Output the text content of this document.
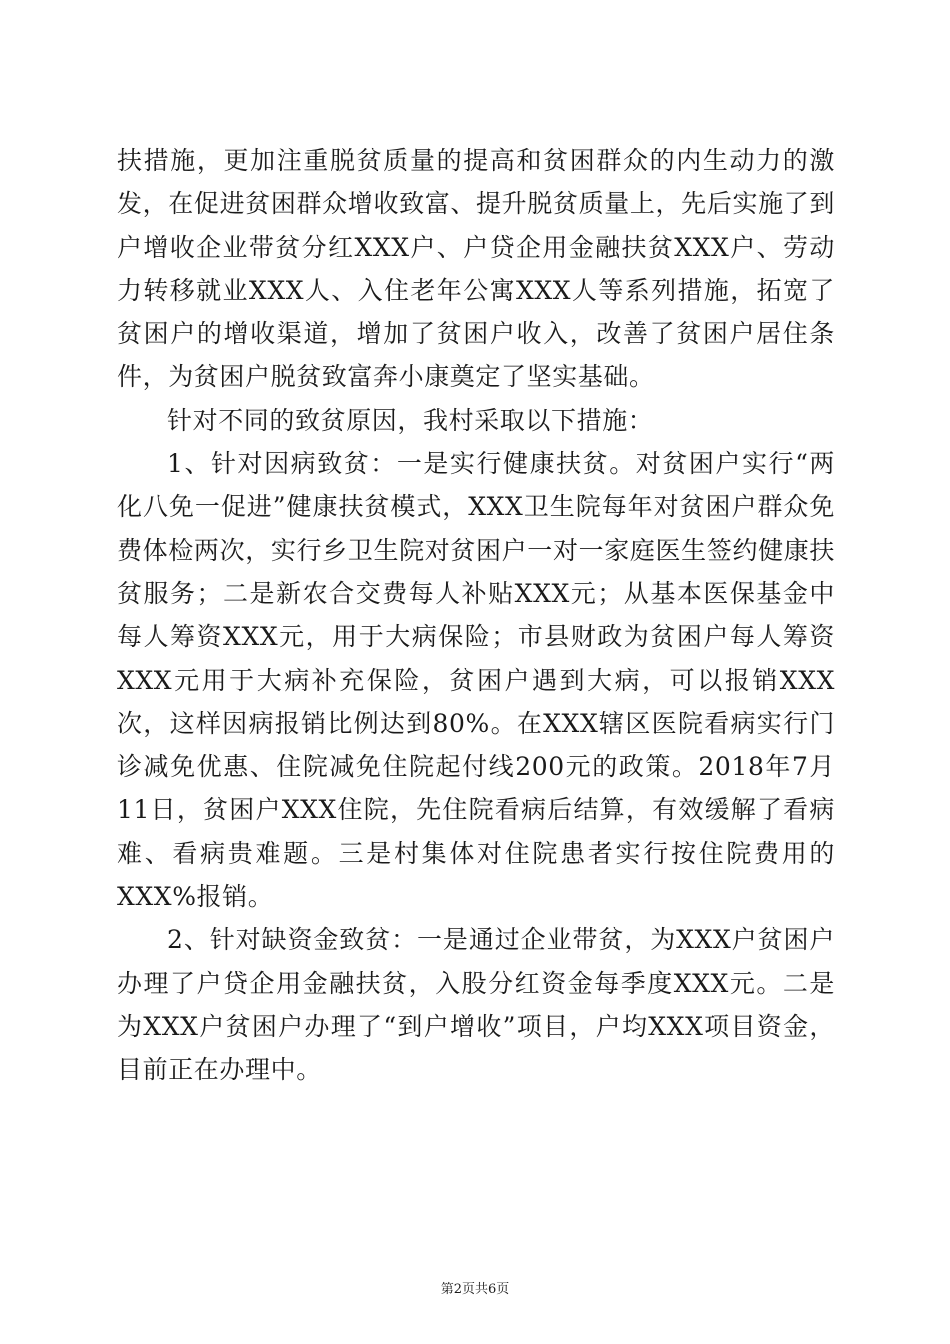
扶措施，更加注重脱贫质量的提高和贫困群众的内生动力的激发，在促进贫困群众增收致富、提升脱贫质量上，先后实施了到户增收企业带贫分红XXX户、户贷企用金融扶贫XXX户、劳动力转移就业XXX人、入住老年公寓XXX人等系列措施，拓宽了贫困户的增收渠道，增加了贫困户收入，改善了贫困户居住条件，为贫困户脱贫致富奔小康奠定了坚实基础。

针对不同的致贫原因，我村采取以下措施：

1、针对因病致贫：一是实行健康扶贫。对贫困户实行“两化八免一促进”健康扶贫模式，XXX卫生院每年对贫困户群众免费体检两次，实行乡卫生院对贫困户一对一家庭医生签约健康扶贫服务；二是新农合交费每人补贴XXX元；从基本医保基金中每人筹资XXX元，用于大病保险；市县财政为贫困户每人筹资XXX元用于大病补充保险，贫困户遇到大病，可以报销XXX次，这样因病报销比例达到80%。在XXX辖区医院看病实行门诊减免优惠、住院减免住院起付线200元的政策。2018年7月11日，贫困户XXX住院，先住院看病后结算，有效缓解了看病难、看病贵难题。三是村集体对住院患者实行按住院费用的XXX%报销。

2、针对缺资金致贫：一是通过企业带贫，为XXX户贫困户办理了户贷企用金融扶贫，入股分红资金每季度XXX元。二是为XXX户贫困户办理了“到户增收”项目，户均XXX项目资金，目前正在办理中。

第2页共6页
